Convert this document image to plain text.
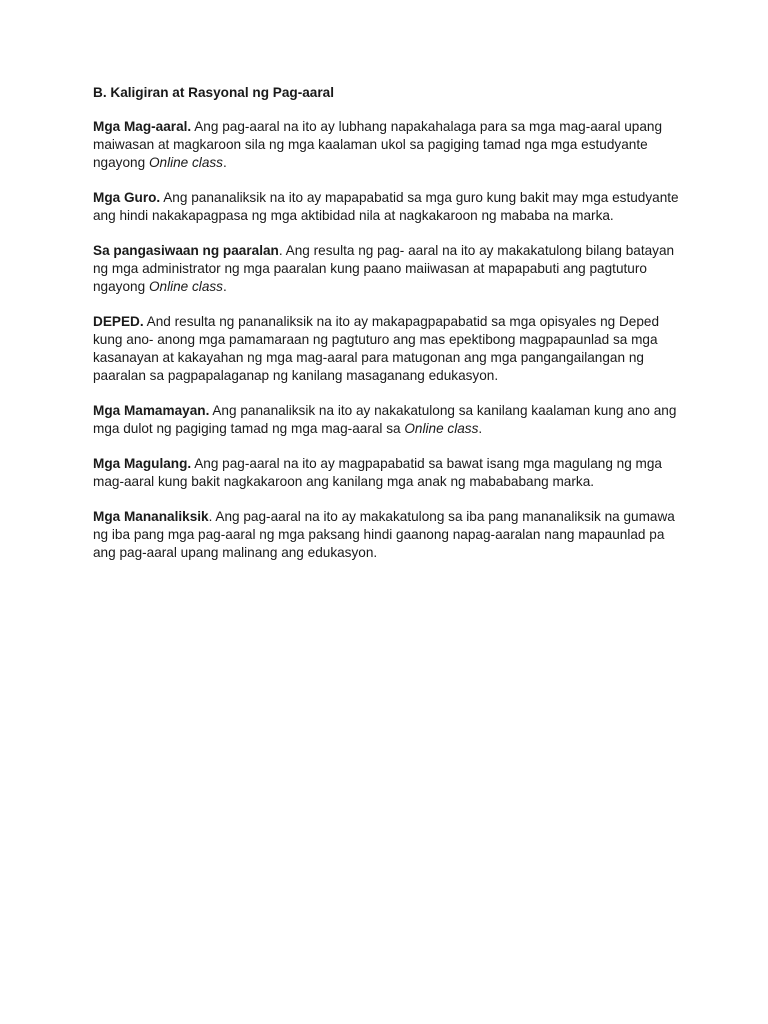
B. Kaligiran at Rasyonal ng Pag-aaral

Mga Mag-aaral. Ang pag-aaral na ito ay lubhang napakahalaga para sa mga mag-aaral upang maiwasan at magkaroon sila ng mga kaalaman ukol sa pagiging tamad nga mga estudyante ngayong Online class.

Mga Guro. Ang pananaliksik na ito ay mapapabatid sa mga guro kung bakit may mga estudyante ang hindi nakakapagpasa ng mga aktibidad nila at nagkakaroon ng mababa na marka.

Sa pangasiwaan ng paaralan. Ang resulta ng pag- aaral na ito ay makakatulong bilang batayan ng mga administrator ng mga paaralan kung paano maiiwasan at mapapabuti ang pagtuturo ngayong Online class.

DEPED. And resulta ng pananaliksik na ito ay makapagpapabatid sa mga opisyales ng Deped kung ano- anong mga pamamaraan ng pagtuturo ang mas epektibong magpapaunlad sa mga kasanayan at kakayahan ng mga mag-aaral para matugonan ang mga pangangailangan ng paaralan sa pagpapalaganap ng kanilang masaganang edukasyon.

Mga Mamamayan. Ang pananaliksik na ito ay nakakatulong sa kanilang kaalaman kung ano ang mga dulot ng pagiging tamad ng mga mag-aaral sa Online class.

Mga Magulang. Ang pag-aaral na ito ay magpapabatid sa bawat isang mga magulang ng mga mag-aaral kung bakit nagkakaroon ang kanilang mga anak ng mabababang marka.

Mga Mananaliksik. Ang pag-aaral na ito ay makakatulong sa iba pang mananaliksik na gumawa ng iba pang mga pag-aaral ng mga paksang hindi gaanong napag-aaralan nang mapaunlad pa ang pag-aaral upang malinang ang edukasyon.
